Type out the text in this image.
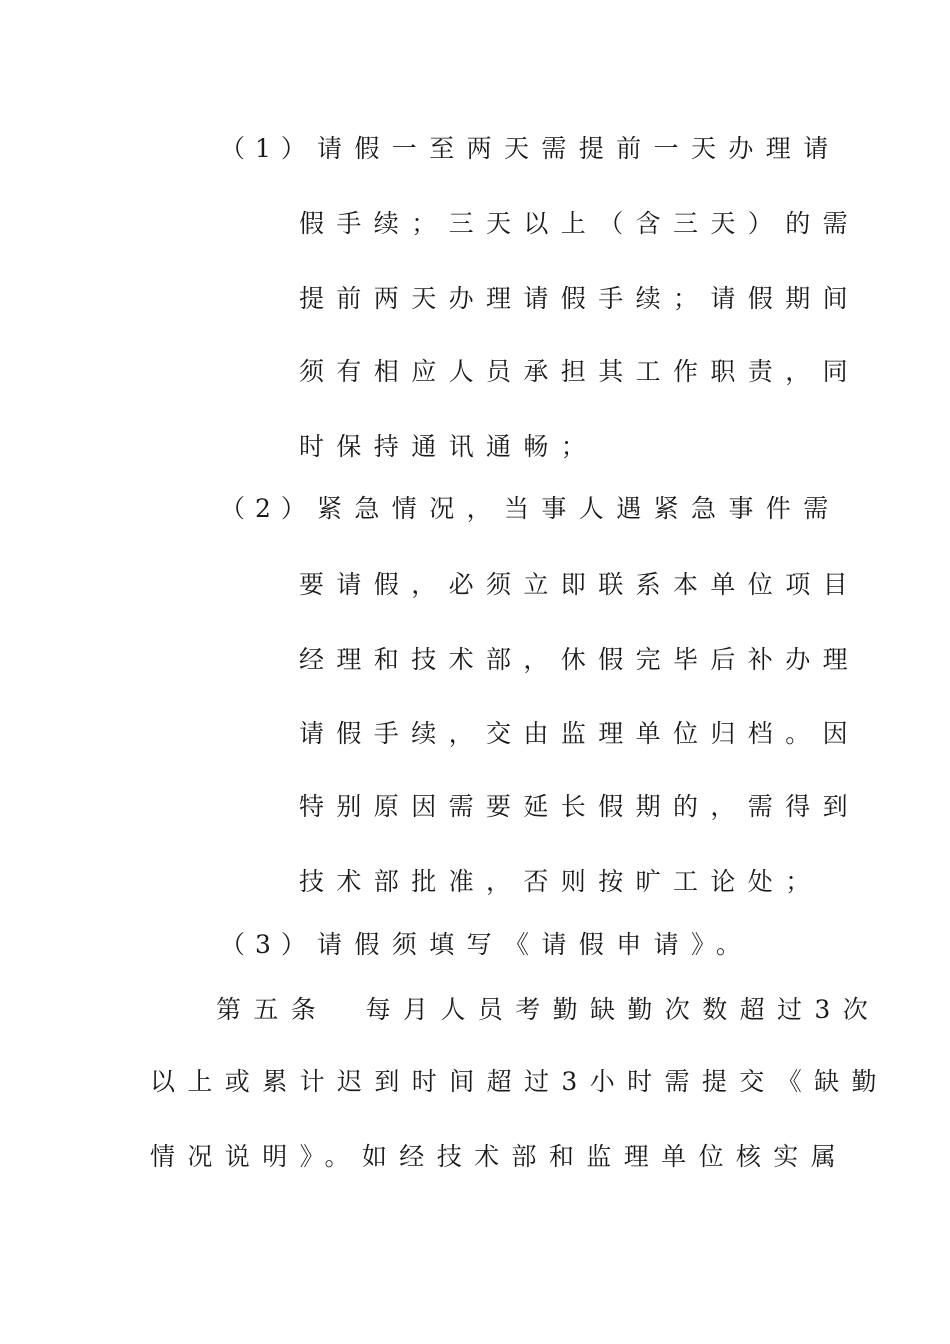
（1） 请假一至两天需提前一天办理请
假手续；三天以上（含三天）的需
提前两天办理请假手续；请假期间
须有相应人员承担其工作职责，同
时保持通讯通畅；
（2） 紧急情况，当事人遇紧急事件需
要请假，必须立即联系本单位项目
经理和技术部，休假完毕后补办理
请假手续，交由监理单位归档。因
特别原因需要延长假期的，需得到
技术部批准，否则按旷工论处；
（3） 请假须填写《请假申请》。
第五条　每月人员考勤缺勤次数超过3次
以上或累计迟到时间超过3小时需提交《缺勤
情况说明》。如经技术部和监理单位核实属
